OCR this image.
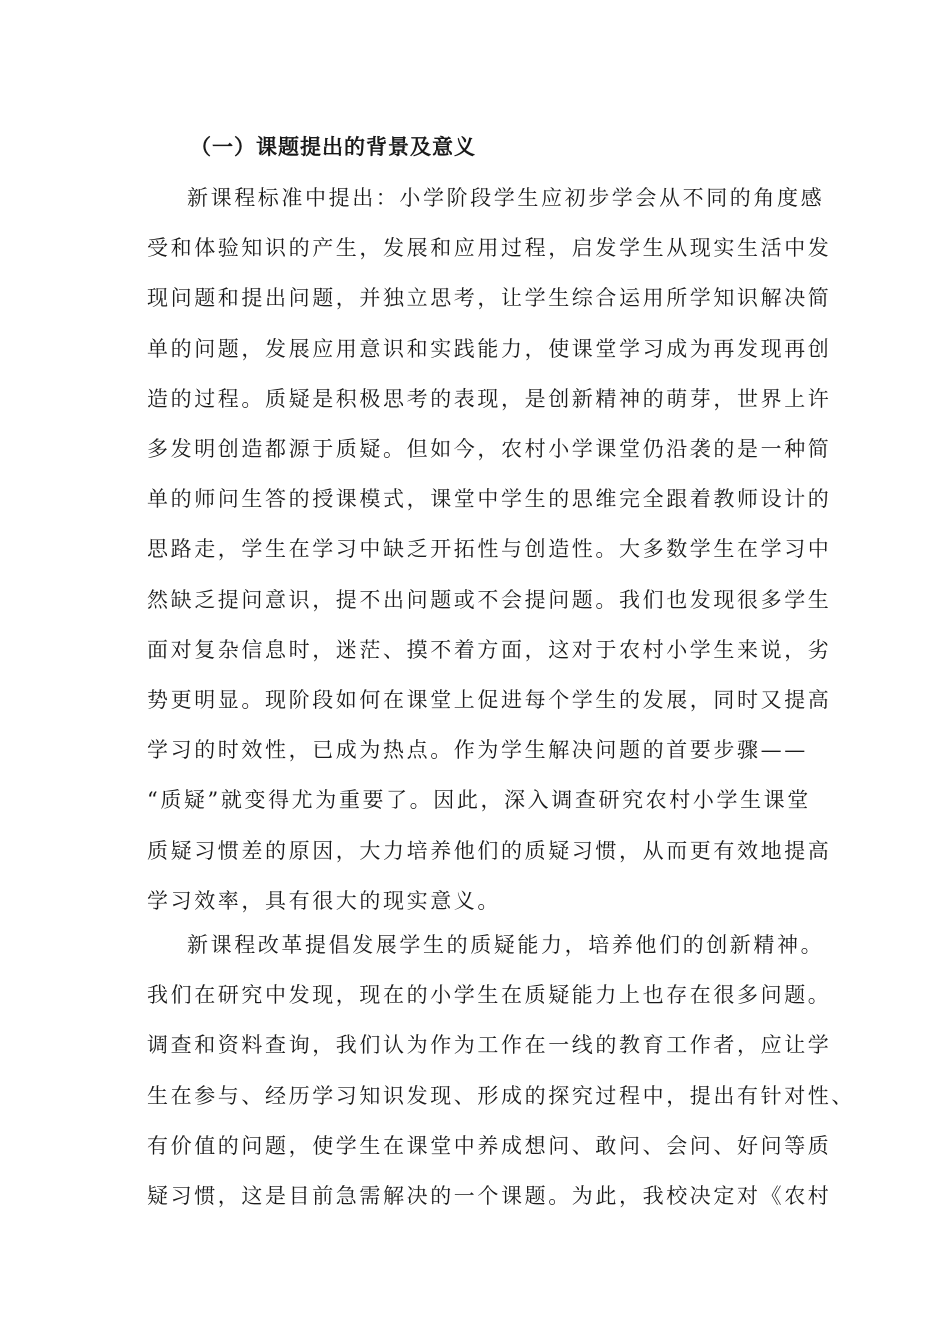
（一）课题提出的背景及意义
新课程标准中提出：小学阶段学生应初步学会从不同的角度感
受和体验知识的产生，发展和应用过程，启发学生从现实生活中发
现问题和提出问题，并独立思考，让学生综合运用所学知识解决简
单的问题，发展应用意识和实践能力，使课堂学习成为再发现再创
造的过程。质疑是积极思考的表现，是创新精神的萌芽，世界上许
多发明创造都源于质疑。但如今，农村小学课堂仍沿袭的是一种简
单的师问生答的授课模式，课堂中学生的思维完全跟着教师设计的
思路走，学生在学习中缺乏开拓性与创造性。大多数学生在学习中
然缺乏提问意识，提不出问题或不会提问题。我们也发现很多学生
面对复杂信息时，迷茫、摸不着方面，这对于农村小学生来说，劣
势更明显。现阶段如何在课堂上促进每个学生的发展，同时又提高
学习的时效性，已成为热点。作为学生解决问题的首要步骤——
“质疑”就变得尤为重要了。因此，深入调查研究农村小学生课堂
质疑习惯差的原因，大力培养他们的质疑习惯，从而更有效地提高
学习效率，具有很大的现实意义。
新课程改革提倡发展学生的质疑能力，培养他们的创新精神。
我们在研究中发现，现在的小学生在质疑能力上也存在很多问题。
调查和资料查询，我们认为作为工作在一线的教育工作者，应让学
生在参与、经历学习知识发现、形成的探究过程中，提出有针对性、
有价值的问题，使学生在课堂中养成想问、敢问、会问、好问等质
疑习惯，这是目前急需解决的一个课题。为此，我校决定对《农村
